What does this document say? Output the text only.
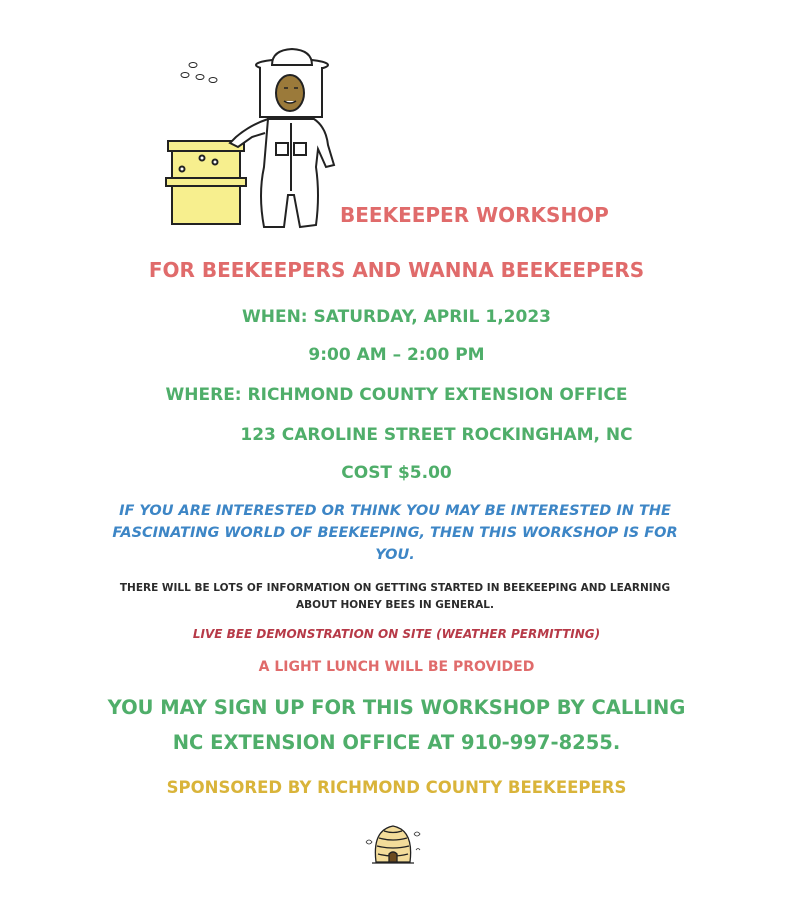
BEEKEEPER WORKSHOP
FOR BEEKEEPERS AND WANNA BEEKEEPERS
WHEN: SATURDAY, APRIL 1,2023
9:00 AM – 2:00 PM
WHERE: RICHMOND COUNTY EXTENSION OFFICE
123 CAROLINE STREET ROCKINGHAM, NC
COST $5.00
IF YOU ARE INTERESTED OR THINK YOU MAY BE INTERESTED IN THE
FASCINATING WORLD OF BEEKEEPING, THEN THIS WORKSHOP IS FOR
YOU.
THERE WILL BE LOTS OF INFORMATION ON GETTING STARTED IN BEEKEEPING AND LEARNING
ABOUT HONEY BEES IN GENERAL.
LIVE BEE DEMONSTRATION ON SITE (WEATHER PERMITTING)
A LIGHT LUNCH WILL BE PROVIDED
YOU MAY SIGN UP FOR THIS WORKSHOP BY CALLING
NC EXTENSION OFFICE AT 910-997-8255.
SPONSORED BY RICHMOND COUNTY BEEKEEPERS
